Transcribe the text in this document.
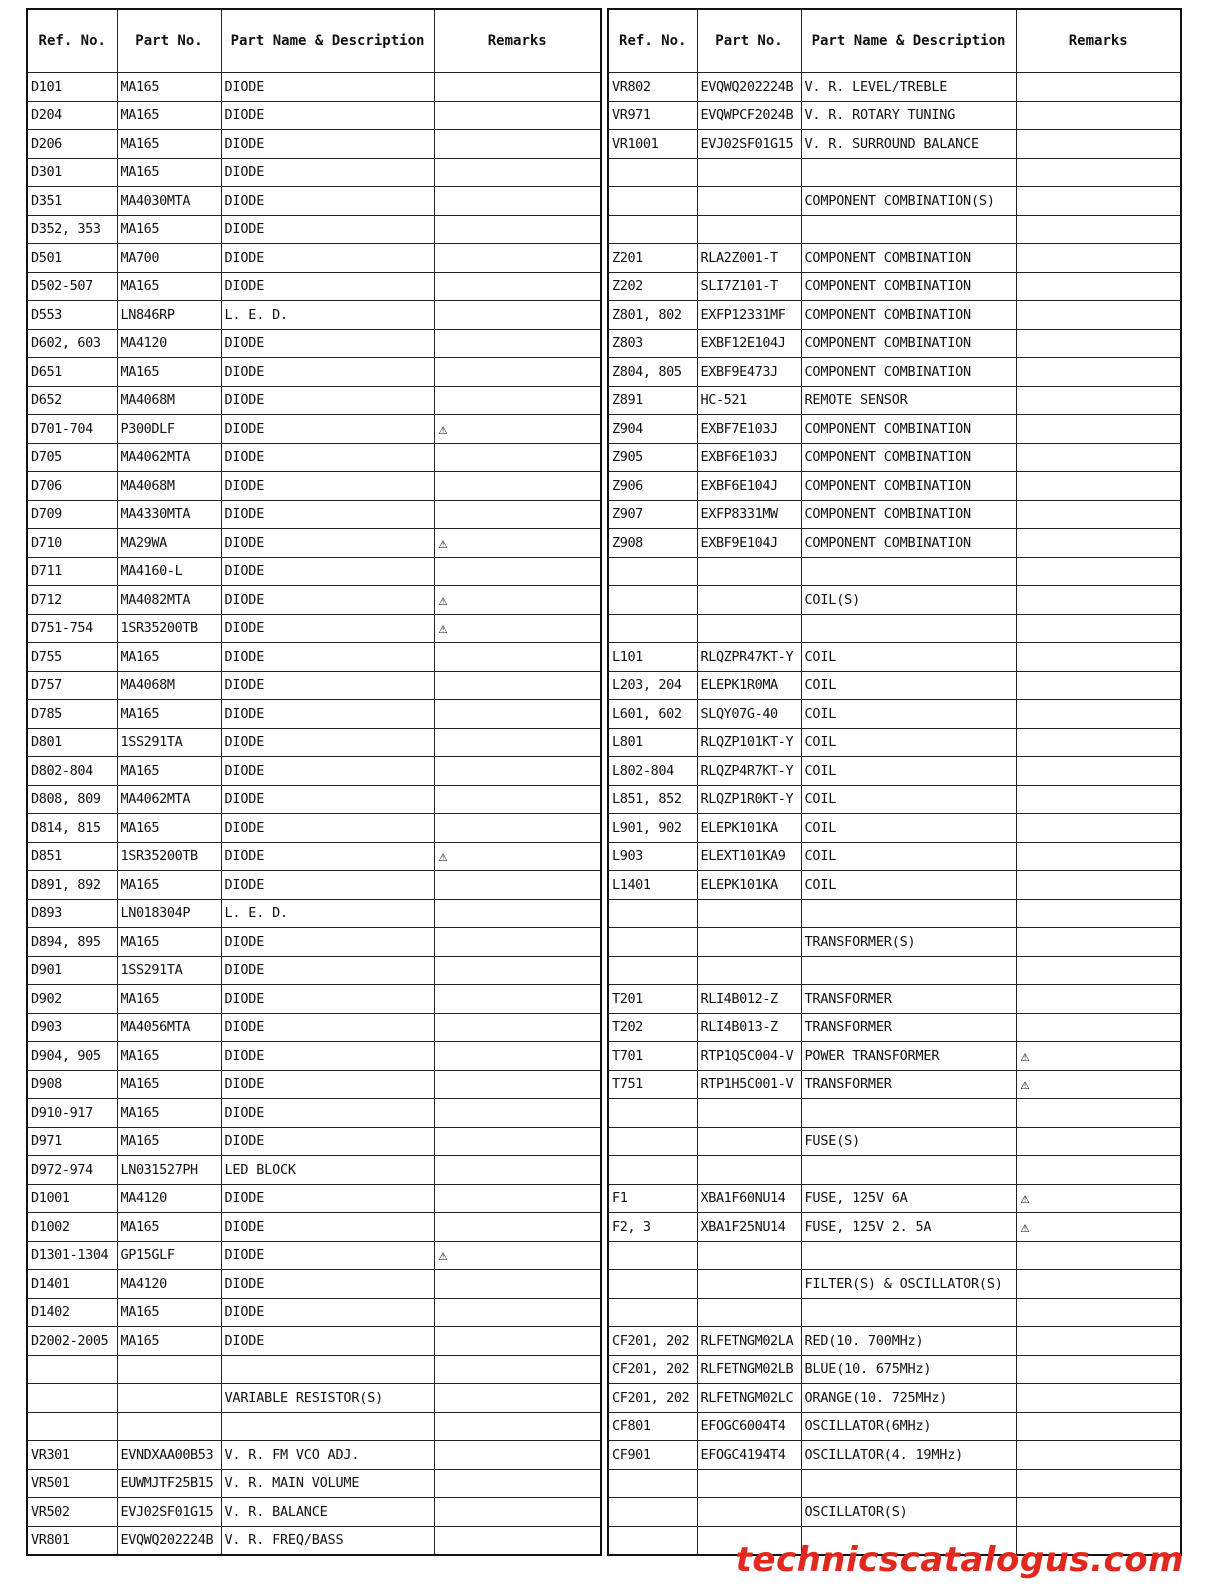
Ref. No.	Part No.	Part Name & Description	Remarks
D101	MA165	DIODE	
D204	MA165	DIODE	
D206	MA165	DIODE	
D301	MA165	DIODE	
D351	MA4030MTA	DIODE	
D352, 353	MA165	DIODE	
D501	MA700	DIODE	
D502-507	MA165	DIODE	
D553	LN846RP	L. E. D.	
D602, 603	MA4120	DIODE	
D651	MA165	DIODE	
D652	MA4068M	DIODE	
D701-704	P300DLF	DIODE	⚠
D705	MA4062MTA	DIODE	
D706	MA4068M	DIODE	
D709	MA4330MTA	DIODE	
D710	MA29WA	DIODE	⚠
D711	MA4160-L	DIODE	
D712	MA4082MTA	DIODE	⚠
D751-754	1SR35200TB	DIODE	⚠
D755	MA165	DIODE	
D757	MA4068M	DIODE	
D785	MA165	DIODE	
D801	1SS291TA	DIODE	
D802-804	MA165	DIODE	
D808, 809	MA4062MTA	DIODE	
D814, 815	MA165	DIODE	
D851	1SR35200TB	DIODE	⚠
D891, 892	MA165	DIODE	
D893	LN018304P	L. E. D.	
D894, 895	MA165	DIODE	
D901	1SS291TA	DIODE	
D902	MA165	DIODE	
D903	MA4056MTA	DIODE	
D904, 905	MA165	DIODE	
D908	MA165	DIODE	
D910-917	MA165	DIODE	
D971	MA165	DIODE	
D972-974	LN031527PH	LED BLOCK	
D1001	MA4120	DIODE	
D1002	MA165	DIODE	
D1301-1304	GP15GLF	DIODE	⚠
D1401	MA4120	DIODE	
D1402	MA165	DIODE	
D2002-2005	MA165	DIODE	

		VARIABLE RESISTOR(S)	

VR301	EVNDXAA00B53	V. R. FM VCO ADJ.	
VR501	EUWMJTF25B15	V. R. MAIN VOLUME	
VR502	EVJ02SF01G15	V. R. BALANCE	
VR801	EVQWQ202224B	V. R. FREQ/BASS	
Ref. No.	Part No.	Part Name & Description	Remarks
VR802	EVQWQ202224B	V. R. LEVEL/TREBLE	
VR971	EVQWPCF2024B	V. R. ROTARY TUNING	
VR1001	EVJ02SF01G15	V. R. SURROUND BALANCE	

		COMPONENT COMBINATION(S)	

Z201	RLA2Z001-T	COMPONENT COMBINATION	
Z202	SLI7Z101-T	COMPONENT COMBINATION	
Z801, 802	EXFP12331MF	COMPONENT COMBINATION	
Z803	EXBF12E104J	COMPONENT COMBINATION	
Z804, 805	EXBF9E473J	COMPONENT COMBINATION	
Z891	HC-521	REMOTE SENSOR	
Z904	EXBF7E103J	COMPONENT COMBINATION	
Z905	EXBF6E103J	COMPONENT COMBINATION	
Z906	EXBF6E104J	COMPONENT COMBINATION	
Z907	EXFP8331MW	COMPONENT COMBINATION	
Z908	EXBF9E104J	COMPONENT COMBINATION	

		COIL(S)	

L101	RLQZPR47KT-Y	COIL	
L203, 204	ELEPK1R0MA	COIL	
L601, 602	SLQY07G-40	COIL	
L801	RLQZP101KT-Y	COIL	
L802-804	RLQZP4R7KT-Y	COIL	
L851, 852	RLQZP1R0KT-Y	COIL	
L901, 902	ELEPK101KA	COIL	
L903	ELEXT101KA9	COIL	
L1401	ELEPK101KA	COIL	

		TRANSFORMER(S)	

T201	RLI4B012-Z	TRANSFORMER	
T202	RLI4B013-Z	TRANSFORMER	
T701	RTP1Q5C004-V	POWER TRANSFORMER	⚠
T751	RTP1H5C001-V	TRANSFORMER	⚠

		FUSE(S)	

F1	XBA1F60NU14	FUSE, 125V 6A	⚠
F2, 3	XBA1F25NU14	FUSE, 125V 2. 5A	⚠

		FILTER(S) & OSCILLATOR(S)	

CF201, 202	RLFETNGM02LA	RED(10. 700MHz)	
CF201, 202	RLFETNGM02LB	BLUE(10. 675MHz)	
CF201, 202	RLFETNGM02LC	ORANGE(10. 725MHz)	
CF801	EFOGC6004T4	OSCILLATOR(6MHz)	
CF901	EFOGC4194T4	OSCILLATOR(4. 19MHz)	

		OSCILLATOR(S)	

technicscatalogus.com
